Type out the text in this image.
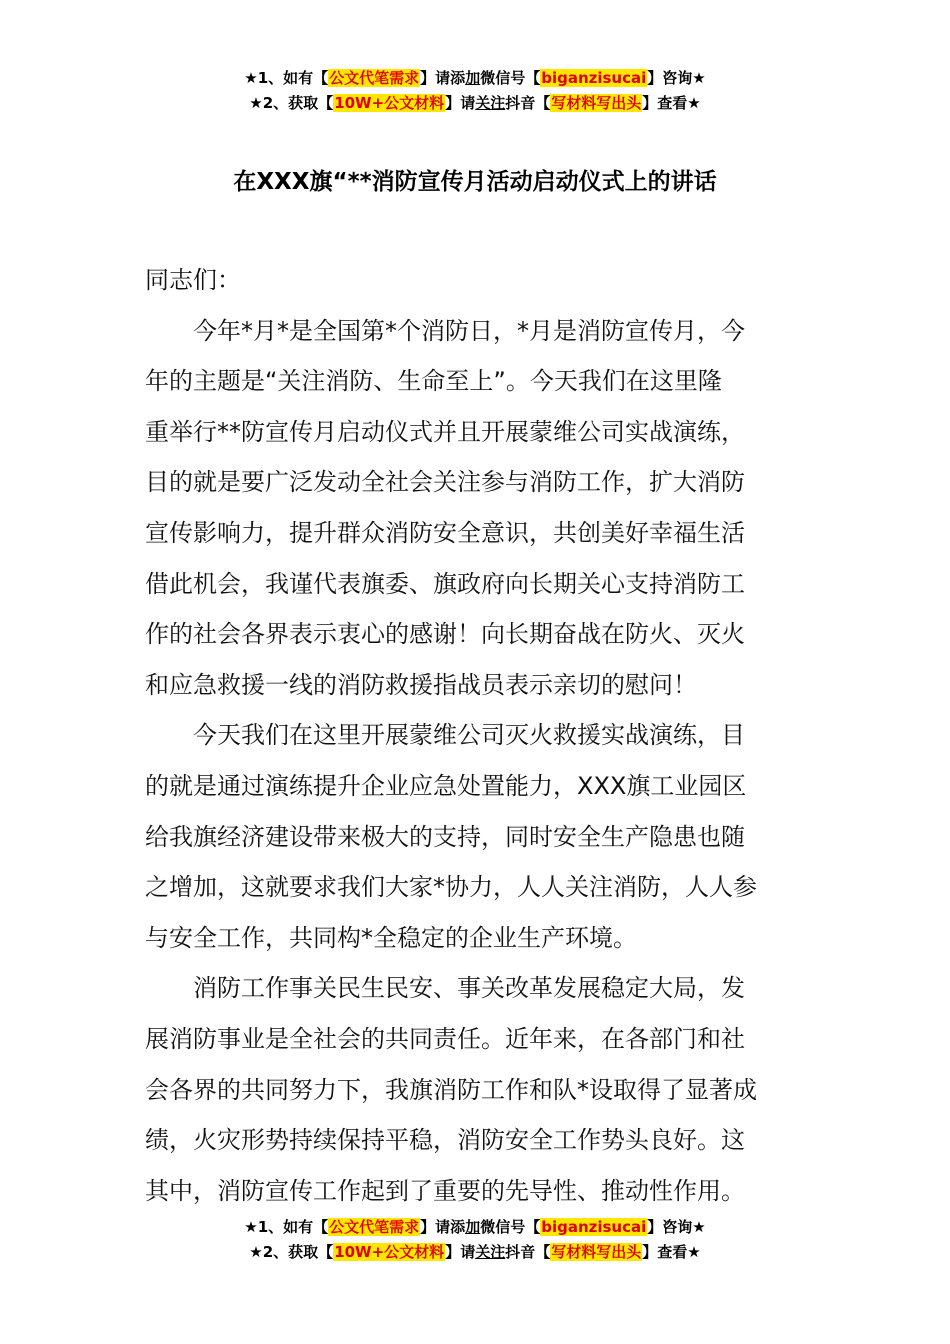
★1、如有【公文代笔需求】请添加微信号【biganzisucai】咨询★
★2、获取【10W+公文材料】请关注抖音【写材料写出头】查看★
在XXX旗“**消防宣传月活动启动仪式上的讲话
同志们：
今年*月*是全国第*个消防日，*月是消防宣传月，今
年的主题是“关注消防、生命至上”。今天我们在这里隆
重举行**防宣传月启动仪式并且开展蒙维公司实战演练，
目的就是要广泛发动全社会关注参与消防工作，扩大消防
宣传影响力，提升群众消防安全意识，共创美好幸福生活
借此机会，我谨代表旗委、旗政府向长期关心支持消防工
作的社会各界表示衷心的感谢！向长期奋战在防火、灭火
和应急救援一线的消防救援指战员表示亲切的慰问！
今天我们在这里开展蒙维公司灭火救援实战演练，目
的就是通过演练提升企业应急处置能力，XXX旗工业园区
给我旗经济建设带来极大的支持，同时安全生产隐患也随
之增加，这就要求我们大家*协力，人人关注消防，人人参
与安全工作，共同构*全稳定的企业生产环境。
消防工作事关民生民安、事关改革发展稳定大局，发
展消防事业是全社会的共同责任。近年来，在各部门和社
会各界的共同努力下，我旗消防工作和队*设取得了显著成
绩，火灾形势持续保持平稳，消防安全工作势头良好。这
其中，消防宣传工作起到了重要的先导性、推动性作用。
★1、如有【公文代笔需求】请添加微信号【biganzisucai】咨询★
★2、获取【10W+公文材料】请关注抖音【写材料写出头】查看★
